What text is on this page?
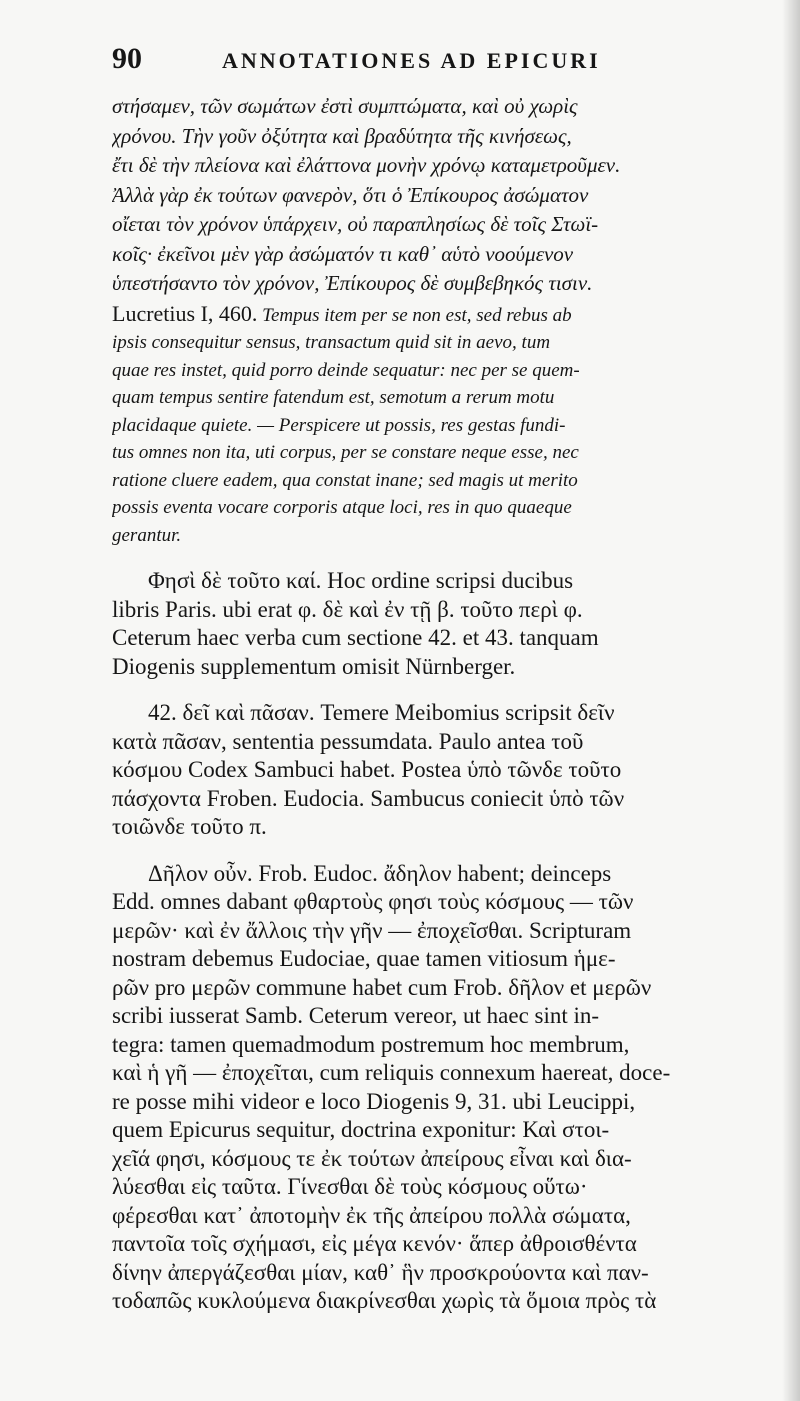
90	ANNOTATIONES AD EPICURI
στήσαμεν, τῶν σωμάτων ἐστὶ συμπτώματα, καὶ οὐ χωρὶς
χρόνου. Τὴν γοῦν ὀξύτητα καὶ βραδύτητα τῆς κινήσεως,
ἔτι δὲ τὴν πλείονα καὶ ἐλάττονα μονὴν χρόνῳ καταμετροῦμεν.
Ἀλλὰ γὰρ ἐκ τούτων φανερὸν, ὅτι ὁ Ἐπίκουρος ἀσώματον
οἴεται τὸν χρόνον ὑπάρχειν, οὐ παραπλησίως δὲ τοῖς Στωϊ-
κοῖς· ἐκεῖνοι μὲν γὰρ ἀσώματόν τι καθ᾽ αὑτὸ νοούμενον
ὑπεστήσαντο τὸν χρόνον, Ἐπίκουρος δὲ συμβεβηκός τισιν.
Lucretius I, 460. Tempus item per se non est, sed rebus ab
ipsis consequitur sensus, transactum quid sit in aevo, tum
quae res instet, quid porro deinde sequatur: nec per se quem-
quam tempus sentire fatendum est, semotum a rerum motu
placidaque quiete. — Perspicere ut possis, res gestas fundi-
tus omnes non ita, uti corpus, per se constare neque esse, nec
ratione cluere eadem, qua constat inane; sed magis ut merito
possis eventa vocare corporis atque loci, res in quo quaeque
gerantur.
Φησὶ δὲ τοῦτο καί. Hoc ordine scripsi ducibus
libris Paris. ubi erat φ. δὲ καὶ ἐν τῇ β. τοῦτο περὶ φ.
Ceterum haec verba cum sectione 42. et 43. tanquam
Diogenis supplementum omisit Nürnberger.
42. δεῖ καὶ πᾶσαν. Temere Meibomius scripsit δεῖν
κατὰ πᾶσαν, sententia pessumdata. Paulo antea τοῦ
κόσμου Codex Sambuci habet. Postea ὑπὸ τῶνδε τοῦτο
πάσχοντα Froben. Eudocia. Sambucus coniecit ὑπὸ τῶν
τοιῶνδε τοῦτο π.
Δῆλον οὖν. Frob. Eudoc. ἄδηλον habent; deinceps
Edd. omnes dabant φθαρτοὺς φησι τοὺς κόσμους — τῶν
μερῶν· καὶ ἐν ἄλλοις τὴν γῆν — ἐποχεῖσθαι. Scripturam
nostram debemus Eudociae, quae tamen vitiosum ἡμε-
ρῶν pro μερῶν commune habet cum Frob. δῆλον et μερῶν
scribi iusserat Samb. Ceterum vereor, ut haec sint in-
tegra: tamen quemadmodum postremum hoc membrum,
καὶ ἡ γῆ — ἐποχεῖται, cum reliquis connexum haereat, doce-
re posse mihi videor e loco Diogenis 9, 31. ubi Leucippi,
quem Epicurus sequitur, doctrina exponitur: Καὶ στοι-
χεῖά φησι, κόσμους τε ἐκ τούτων ἀπείρους εἶναι καὶ δια-
λύεσθαι εἰς ταῦτα. Γίνεσθαι δὲ τοὺς κόσμους οὕτω·
φέρεσθαι κατ᾽ ἀποτομὴν ἐκ τῆς ἀπείρου πολλὰ σώματα,
παντοῖα τοῖς σχήμασι, εἰς μέγα κενόν· ἅπερ ἀθροισθέντα
δίνην ἀπεργάζεσθαι μίαν, καθ᾽ ἣν προσκρούοντα καὶ παν-
τοδαπῶς κυκλούμενα διακρίνεσθαι χωρὶς τὰ ὅμοια πρὸς τὰ
